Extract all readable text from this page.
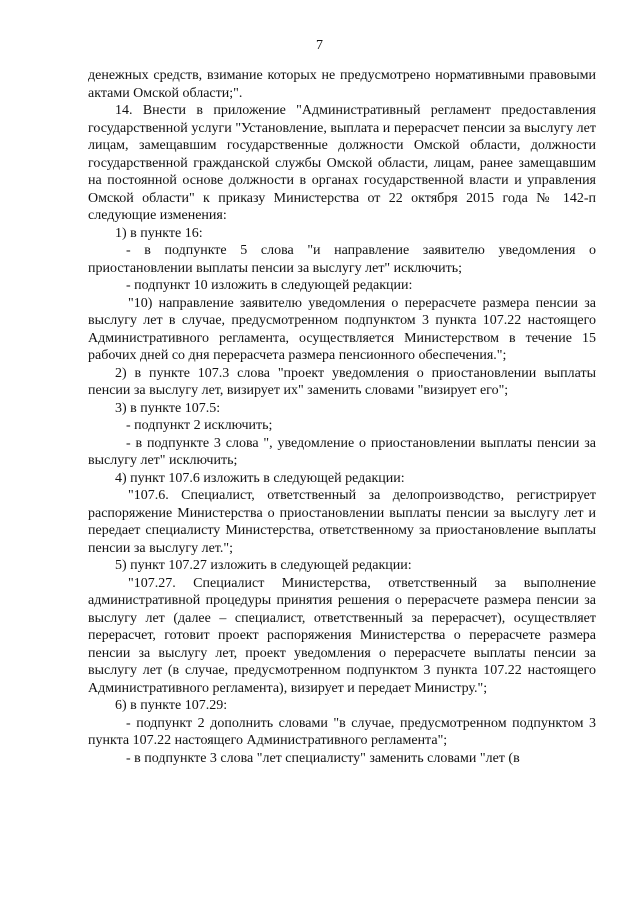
7

денежных средств, взимание которых не предусмотрено нормативными правовыми актами Омской области;".

14. Внести в приложение "Административный регламент предоставления государственной услуги "Установление, выплата и перерасчет пенсии за выслугу лет лицам, замещавшим государственные должности Омской области, должности государственной гражданской службы Омской области, лицам, ранее замещавшим на постоянной основе должности в органах государственной власти и управления Омской области" к приказу Министерства от 22 октября 2015 года № 142-п следующие изменения:

1) в пункте 16:

- в подпункте 5 слова "и направление заявителю уведомления о приостановлении выплаты пенсии за выслугу лет" исключить;

- подпункт 10 изложить в следующей редакции:

"10) направление заявителю уведомления о перерасчете размера пенсии за выслугу лет в случае, предусмотренном подпунктом 3 пункта 107.22 настоящего Административного регламента, осуществляется Министерством в течение 15 рабочих дней со дня перерасчета размера пенсионного обеспечения.";

2) в пункте 107.3 слова "проект уведомления о приостановлении выплаты пенсии за выслугу лет, визирует их" заменить словами "визирует его";

3) в пункте 107.5:

- подпункт 2 исключить;

- в подпункте 3 слова ", уведомление о приостановлении выплаты пенсии за выслугу лет" исключить;

4) пункт 107.6 изложить в следующей редакции:

"107.6. Специалист, ответственный за делопроизводство, регистрирует распоряжение Министерства о приостановлении выплаты пенсии за выслугу лет и передает специалисту Министерства, ответственному за приостановление выплаты пенсии за выслугу лет.";

5) пункт 107.27 изложить в следующей редакции:

"107.27. Специалист Министерства, ответственный за выполнение административной процедуры принятия решения о перерасчете размера пенсии за выслугу лет (далее – специалист, ответственный за перерасчет), осуществляет перерасчет, готовит проект распоряжения Министерства о перерасчете размера пенсии за выслугу лет, проект уведомления о перерасчете выплаты пенсии за выслугу лет (в случае, предусмотренном подпунктом 3 пункта 107.22 настоящего Административного регламента), визирует и передает Министру.";

6) в пункте 107.29:

- подпункт 2 дополнить словами "в случае, предусмотренном подпунктом 3 пункта 107.22 настоящего Административного регламента";

- в подпункте 3 слова "лет специалисту" заменить словами "лет (в
